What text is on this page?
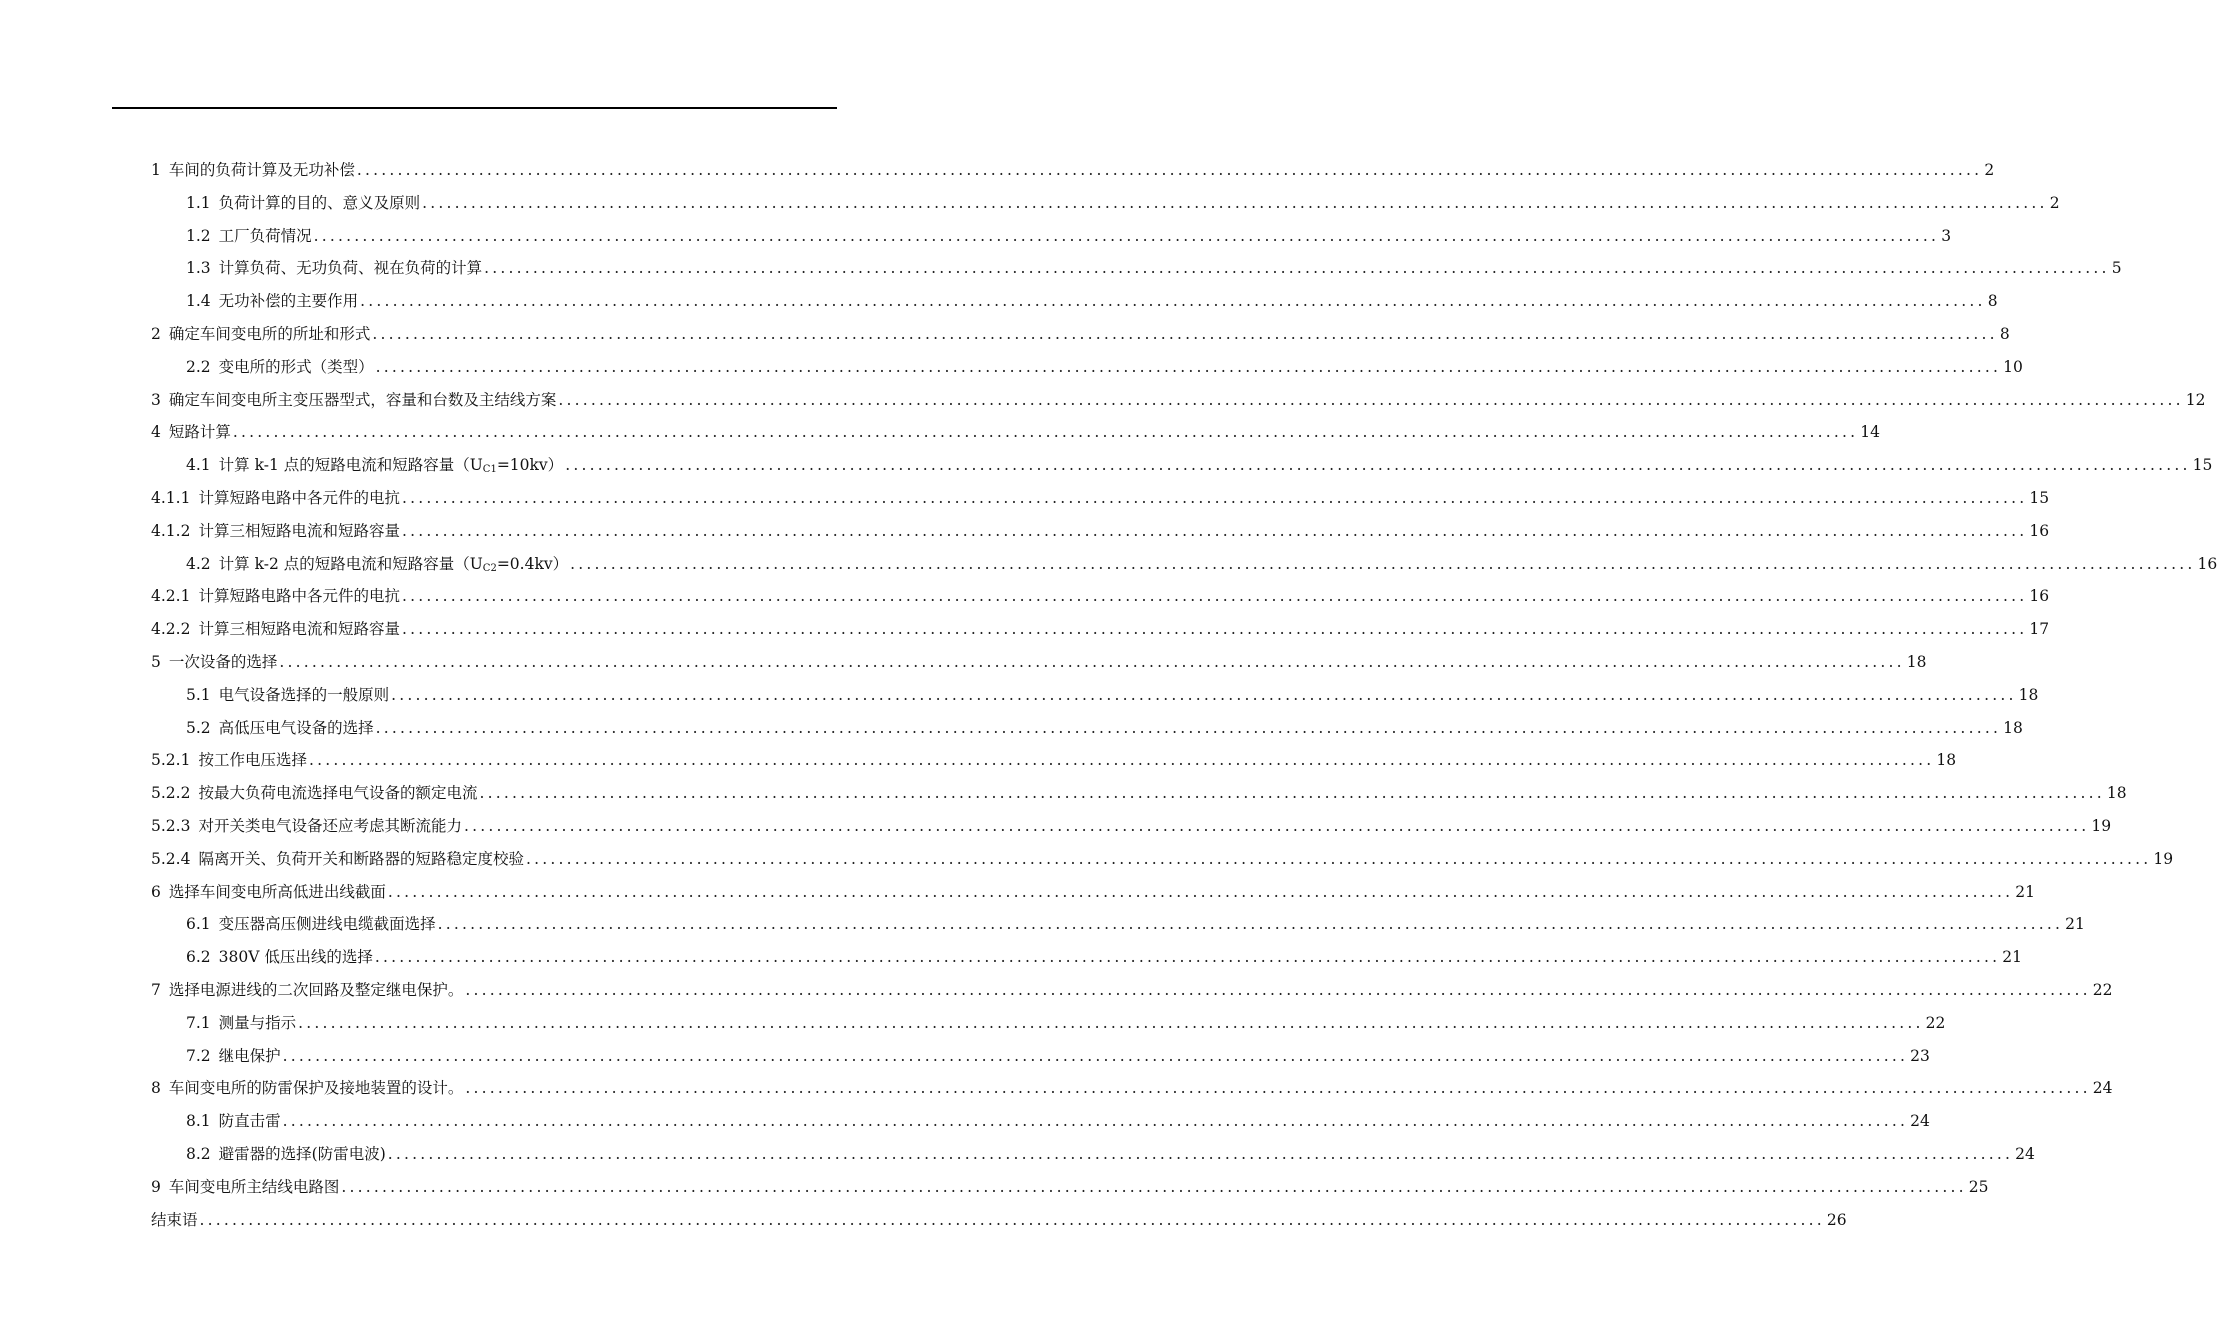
1 车间的负荷计算及无功补偿 ........................................................................................................................................................................................................ 2
1.1 负荷计算的目的、意义及原则 ........................................................................................................................................................................................................ 2
1.2 工厂负荷情况 ........................................................................................................................................................................................................ 3
1.3 计算负荷、无功负荷、视在负荷的计算 ........................................................................................................................................................................................................ 5
1.4 无功补偿的主要作用 ........................................................................................................................................................................................................ 8
2 确定车间变电所的所址和形式 ........................................................................................................................................................................................................ 8
2.2 变电所的形式（类型） ........................................................................................................................................................................................................ 10
3 确定车间变电所主变压器型式，容量和台数及主结线方案 ........................................................................................................................................................................................................ 12
4 短路计算 ........................................................................................................................................................................................................ 14
4.1 计算 k-1 点的短路电流和短路容量$(U_{C1}=10kv)$ ........................................................................................................................................................................................................ 15
4.1.1 计算短路电路中各元件的电抗 ........................................................................................................................................................................................................ 15
4.1.2 计算三相短路电流和短路容量 ........................................................................................................................................................................................................ 16
4.2 计算 k-2 点的短路电流和短路容量$(U_{C2}=0.4kv)$ ........................................................................................................................................................................................................ 16
4.2.1 计算短路电路中各元件的电抗 ........................................................................................................................................................................................................ 16
4.2.2 计算三相短路电流和短路容量 ........................................................................................................................................................................................................ 17
5 一次设备的选择 ........................................................................................................................................................................................................ 18
5.1 电气设备选择的一般原则 ........................................................................................................................................................................................................ 18
5.2 高低压电气设备的选择 ........................................................................................................................................................................................................ 18
5.2.1 按工作电压选择 ........................................................................................................................................................................................................ 18
5.2.2 按最大负荷电流选择电气设备的额定电流 ........................................................................................................................................................................................................ 18
5.2.3 对开关类电气设备还应考虑其断流能力 ........................................................................................................................................................................................................ 19
5.2.4 隔离开关、负荷开关和断路器的短路稳定度校验 ........................................................................................................................................................................................................ 19
6 选择车间变电所高低进出线截面 ........................................................................................................................................................................................................ 21
6.1 变压器高压侧进线电缆截面选择 ........................................................................................................................................................................................................ 21
6.2 380V 低压出线的选择 ........................................................................................................................................................................................................ 21
7 选择电源进线的二次回路及整定继电保护。 ........................................................................................................................................................................................................ 22
7.1 测量与指示 ........................................................................................................................................................................................................ 22
7.2 继电保护 ........................................................................................................................................................................................................ 23
8 车间变电所的防雷保护及接地装置的设计。 ........................................................................................................................................................................................................ 24
8.1 防直击雷 ........................................................................................................................................................................................................ 24
8.2 避雷器的选择(防雷电波) ........................................................................................................................................................................................................ 24
9 车间变电所主结线电路图 ........................................................................................................................................................................................................ 25
结束语 ........................................................................................................................................................................................................ 26
